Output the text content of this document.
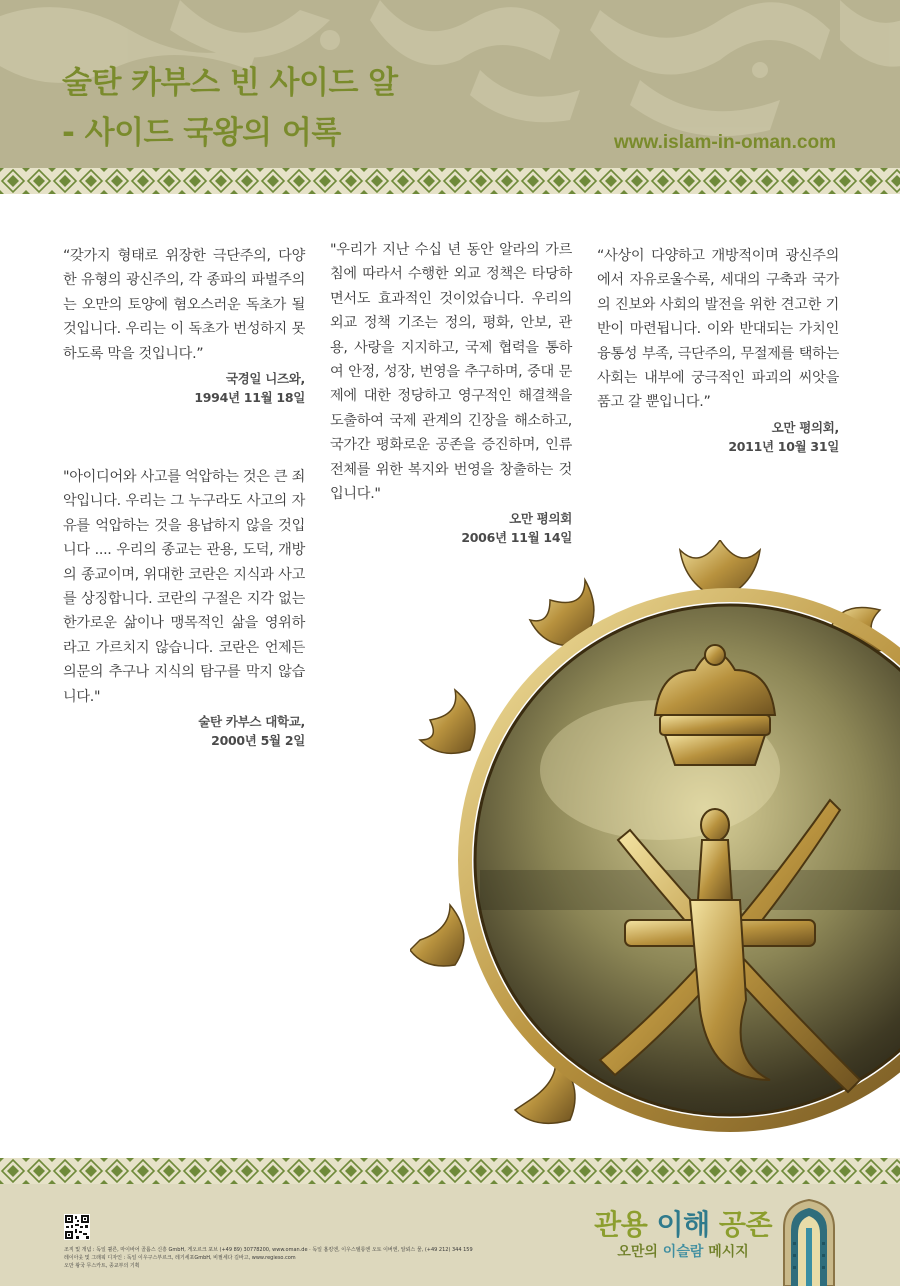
술탄 카부스 빈 사이드 알
- 사이드 국왕의 어록	www.islam-in-oman.com
“갖가지 형태로 위장한 극단주의, 다양한 유형의 광신주의, 각 종파의 파벌주의는 오만의 토양에 혐오스러운 독초가 될 것입니다. 우리는 이 독초가 번성하지 못하도록 막을 것입니다.”
국경일 니즈와,
1994년 11월 18일
"우리가 지난 수십 년 동안 알라의 가르침에 따라서 수행한 외교 정책은 타당하면서도 효과적인 것이었습니다. 우리의 외교 정책 기조는 정의, 평화, 안보, 관용, 사랑을 지지하고, 국제 협력을 통하여 안정, 성장, 번영을 추구하며, 중대 문제에 대한 정당하고 영구적인 해결책을 도출하여 국제 관계의 긴장을 해소하고, 국가간 평화로운 공존을 증진하며, 인류 전체를 위한 복지와 번영을 창출하는 것입니다."
오만 평의회
2006년 11월 14일
“사상이 다양하고 개방적이며 광신주의에서 자유로울수록, 세대의 구축과 국가의 진보와 사회의 발전을 위한 견고한 기반이 마련됩니다. 이와 반대되는 가치인 융통성 부족, 극단주의, 무절제를 택하는 사회는 내부에 궁극적인 파괴의 씨앗을 품고 갈 뿐입니다.”
오만 평의회,
2011년 10월 31일
"아이디어와 사고를 억압하는 것은 큰 죄악입니다. 우리는 그 누구라도 사고의 자유를 억압하는 것을 용납하지 않을 것입니다 .... 우리의 종교는 관용, 도덕, 개방의 종교이며, 위대한 코란은 지식과 사고를 상징합니다. 코란의 구절은 지각 없는 한가로운 삶이나 맹목적인 삶을 영위하라고 가르치지 않습니다. 코란은 언제든 의문의 추구나 지식의 탐구를 막지 않습니다."
술탄 카부스 대학교,
2000년 5월 2일
조직 및 개념 : 독일 쾰른, 마이바어 골롭스 신흥 GmbH, 게오르크 포브 (+49 89) 30778200, www.oman.de · 독일 홈킹엔, 이우스텔롱엔 오토 이버엔, 알뢰스 물, (+49 212) 344 159
레이아웃 및 그래픽 디자인 : 독일 이우구스부르크, 레기세포GmbH, 비필세다 길바고, www.regieso.com
오만 왕국 무스카트, 종교부의 기획
관용 이해 공존
오만의 이슬람 메시지
